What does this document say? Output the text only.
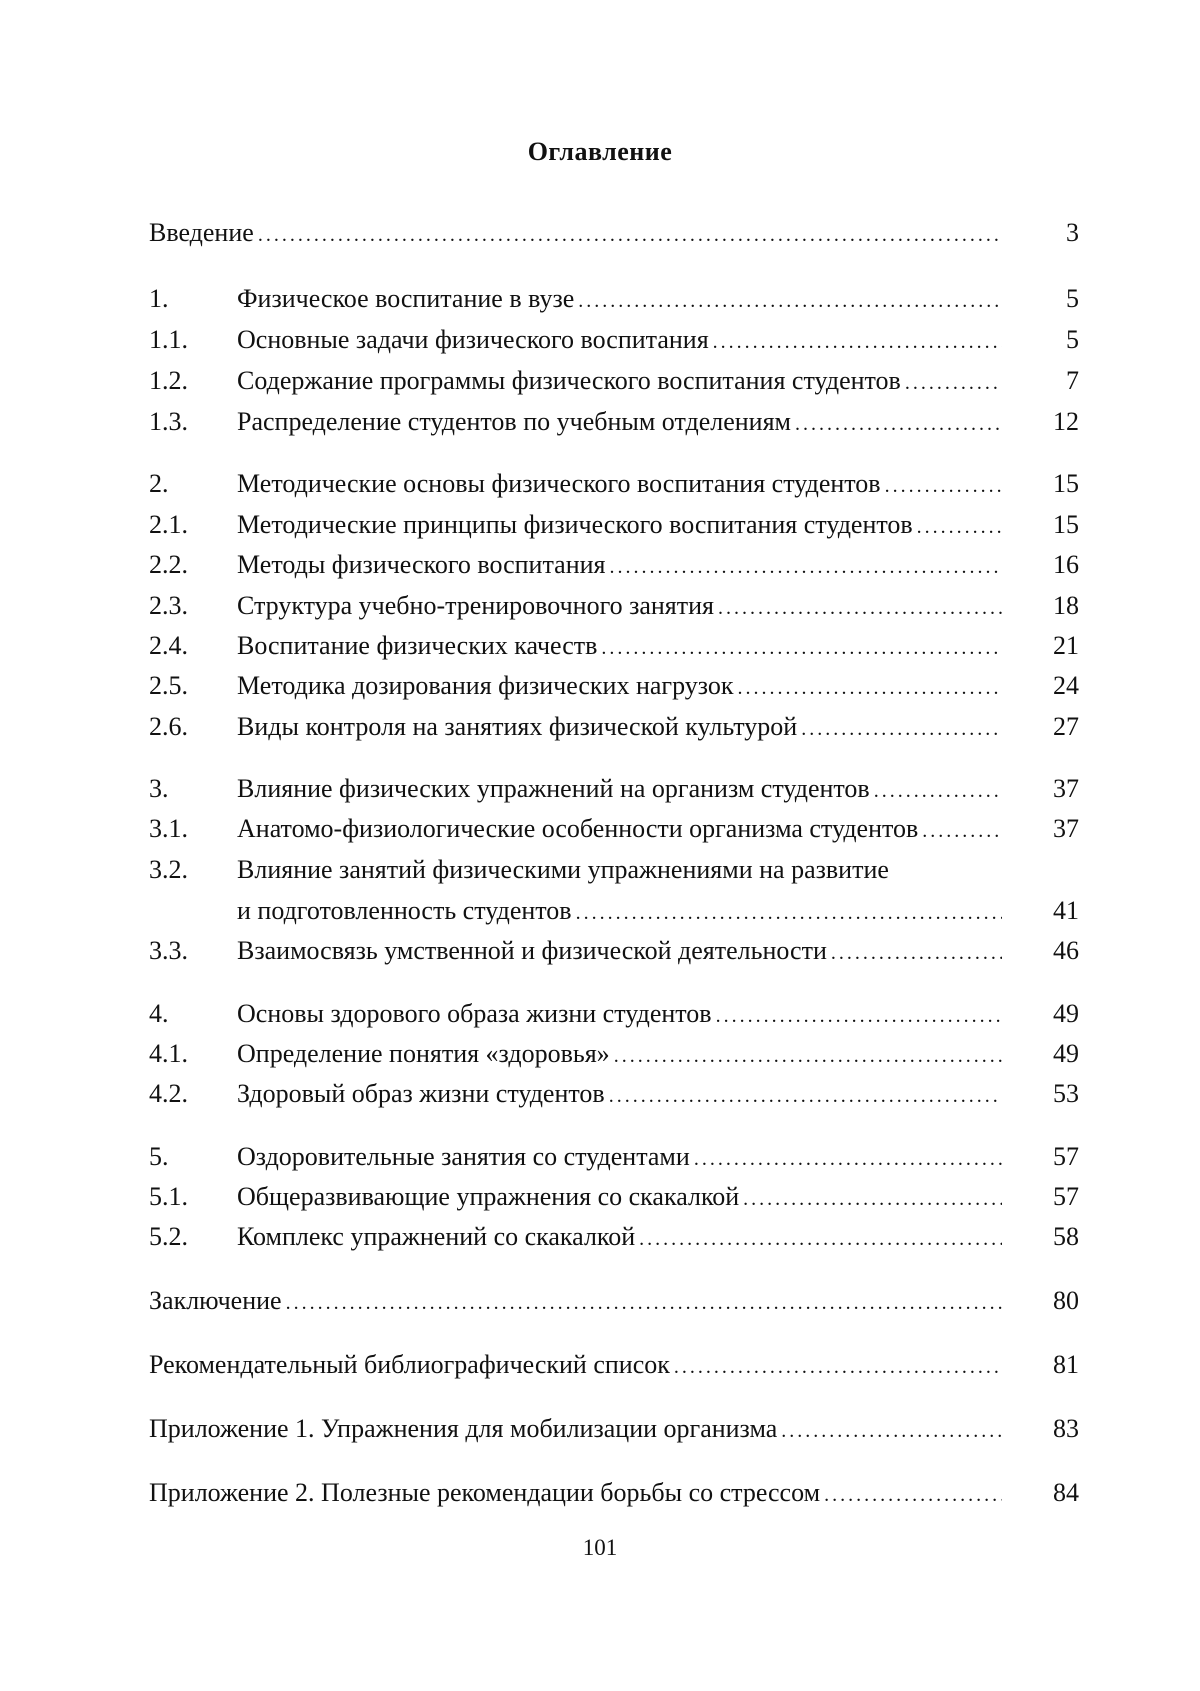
Оглавление
Введение . . .	3
1.	Физическое воспитание в вузе . . .	5
1.1. Основные задачи физического воспитания . . .	5
1.2. Содержание программы физического воспитания студентов . . .	7
1.3. Распределение студентов по учебным отделениям . . .	12
2.	Методические основы физического воспитания студентов . . .	15
2.1. Методические принципы физического воспитания студентов . . .	15
2.2. Методы физического воспитания . . .	16
2.3. Структура учебно-тренировочного занятия . . .	18
2.4. Воспитание физических качеств . . .	21
2.5. Методика дозирования физических нагрузок . . .	24
2.6. Виды контроля на занятиях физической культурой . . .	27
3.	Влияние физических упражнений на организм студентов . . .	37
3.1. Анатомо-физиологические особенности организма студентов . . .	37
3.2. Влияние занятий физическими упражнениями на развитие
и подготовленность студентов . . .	41
3.3. Взаимосвязь умственной и физической деятельности . . .	46
4.	Основы здорового образа жизни студентов . . .	49
4.1. Определение понятия «здоровья» . . .	49
4.2. Здоровый образ жизни студентов . . .	53
5.	Оздоровительные занятия со студентами . . .	57
5.1. Общеразвивающие упражнения со скакалкой . . .	57
5.2. Комплекс упражнений со скакалкой . . .	58
Заключение . . .	80
Рекомендательный библиографический список . . .	81
Приложение 1. Упражнения для мобилизации организма . . .	83
Приложение 2. Полезные рекомендации борьбы со стрессом . . .	84
101
